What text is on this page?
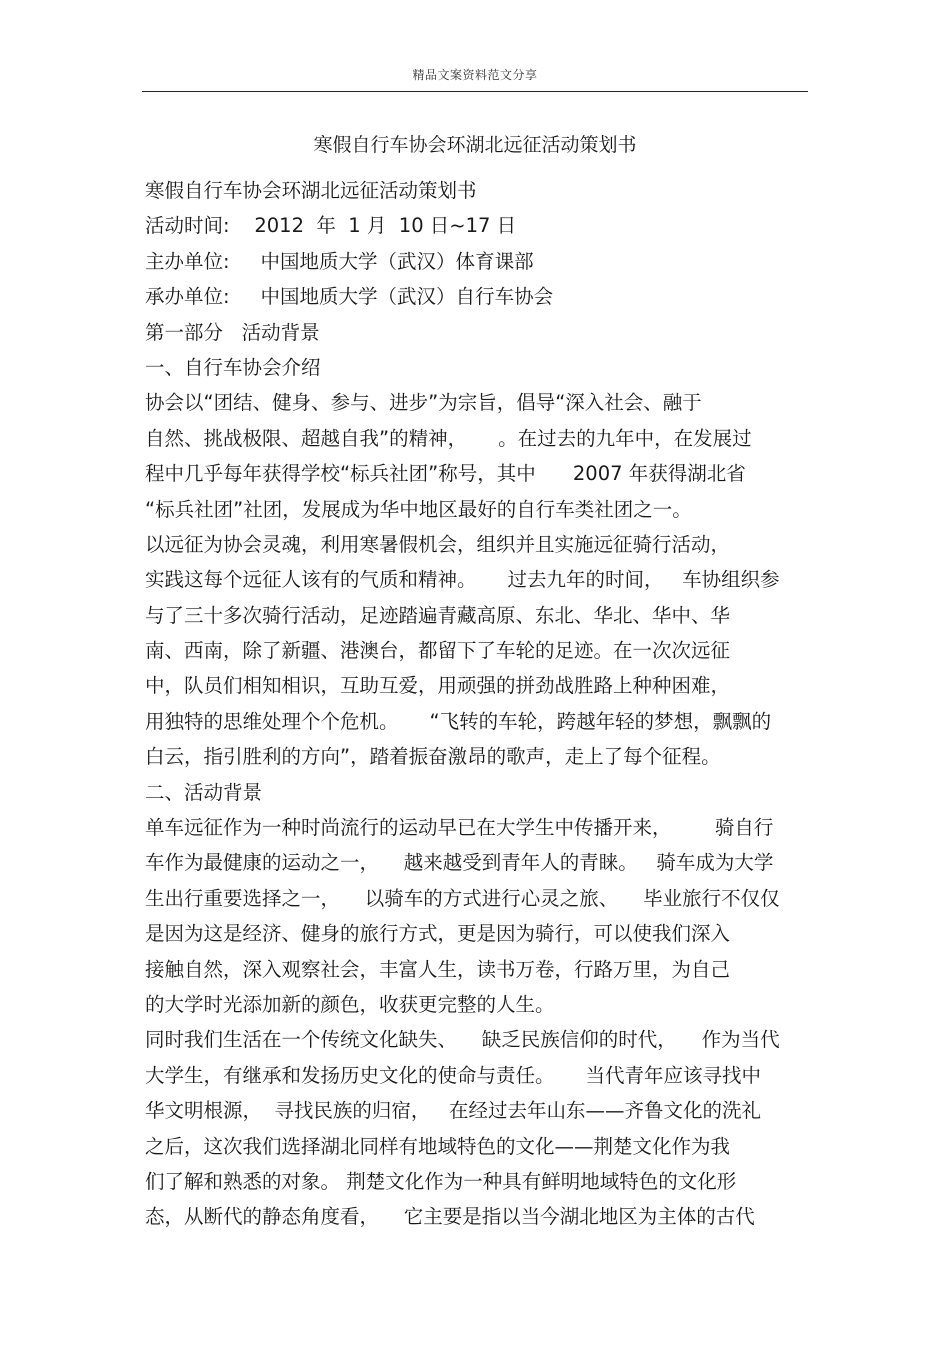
精品文案资料范文分享
寒假自行车协会环湖北远征活动策划书
寒假自行车协会环湖北远征活动策划书
活动时间:    2012  年  1 月  10 日~17 日
主办单位:     中国地质大学（武汉）体育课部
承办单位:     中国地质大学（武汉）自行车协会
第一部分   活动背景
一、自行车协会介绍
协会以“团结、健身、参与、进步”为宗旨，倡导“深入社会、融于
自然、挑战极限、超越自我”的精神，     。在过去的九年中，在发展过
程中几乎每年获得学校“标兵社团”称号，其中      2007 年获得湖北省
“标兵社团”社团，发展成为华中地区最好的自行车类社团之一。
以远征为协会灵魂，利用寒暑假机会，组织并且实施远征骑行活动，
实践这每个远征人该有的气质和精神。     过去九年的时间，   车协组织参
与了三十多次骑行活动，足迹踏遍青藏高原、东北、华北、华中、华
南、西南，除了新疆、港澳台，都留下了车轮的足迹。在一次次远征
中，队员们相知相识，互助互爱，用顽强的拼劲战胜路上种种困难，
用独特的思维处理个个危机。     “飞转的车轮，跨越年轻的梦想，飘飘的
白云，指引胜利的方向”，踏着振奋激昂的歌声，走上了每个征程。
二、活动背景
单车远征作为一种时尚流行的运动早已在大学生中传播开来，       骑自行
车作为最健康的运动之一，    越来越受到青年人的青睐。   骑车成为大学
生出行重要选择之一，    以骑车的方式进行心灵之旅、    毕业旅行不仅仅
是因为这是经济、健身的旅行方式，更是因为骑行，可以使我们深入
接触自然，深入观察社会，丰富人生，读书万卷，行路万里，为自己
的大学时光添加新的颜色，收获更完整的人生。
同时我们生活在一个传统文化缺失、    缺乏民族信仰的时代，    作为当代
大学生，有继承和发扬历史文化的使命与责任。     当代青年应该寻找中
华文明根源，  寻找民族的归宿，   在经过去年山东——齐鲁文化的洗礼
之后，这次我们选择湖北同样有地域特色的文化——荆楚文化作为我
们了解和熟悉的对象。 荆楚文化作为一种具有鲜明地域特色的文化形
态，从断代的静态角度看，    它主要是指以当今湖北地区为主体的古代
